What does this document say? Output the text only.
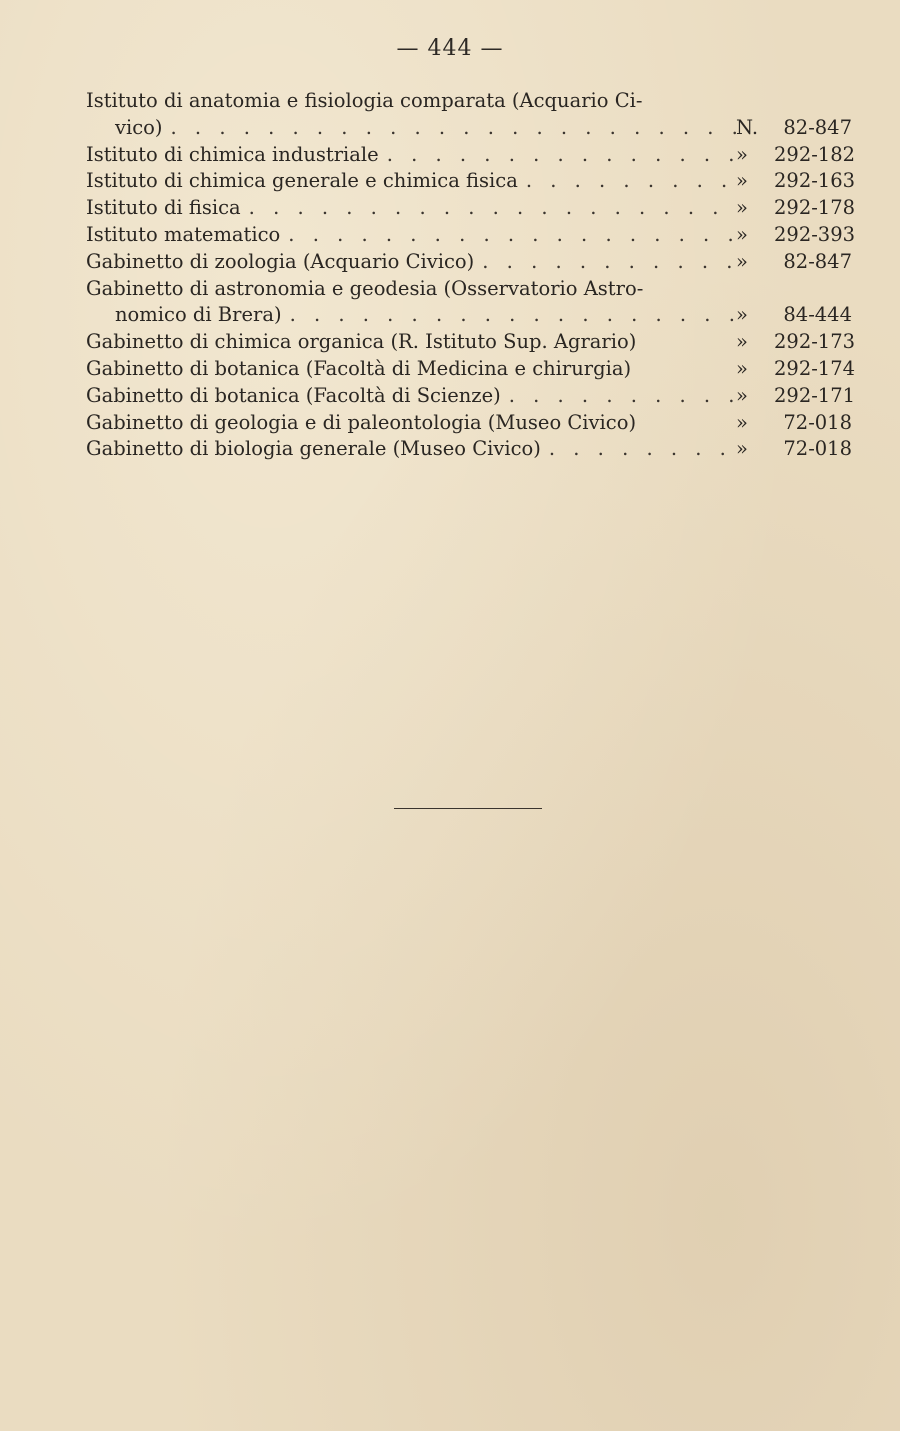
— 444 —
Istituto di anatomia e fisiologia comparata (Acquario Ci-
vico) . . .	N.	82-847
Istituto di chimica industriale . . .	»	292-182
Istituto di chimica generale e chimica fisica . . .	»	292-163
Istituto di fisica . . .	»	292-178
Istituto matematico . . .	»	292-393
Gabinetto di zoologia (Acquario Civico) . . .	»	82-847
Gabinetto di astronomia e geodesia (Osservatorio Astro-
nomico di Brera) . . .	»	84-444
Gabinetto di chimica organica (R. Istituto Sup. Agrario)	»	292-173
Gabinetto di botanica (Facoltà di Medicina e chirurgia)	»	292-174
Gabinetto di botanica (Facoltà di Scienze) . . .	»	292-171
Gabinetto di geologia e di paleontologia (Museo Civico)	»	72-018
Gabinetto di biologia generale (Museo Civico) . . .	»	72-018
